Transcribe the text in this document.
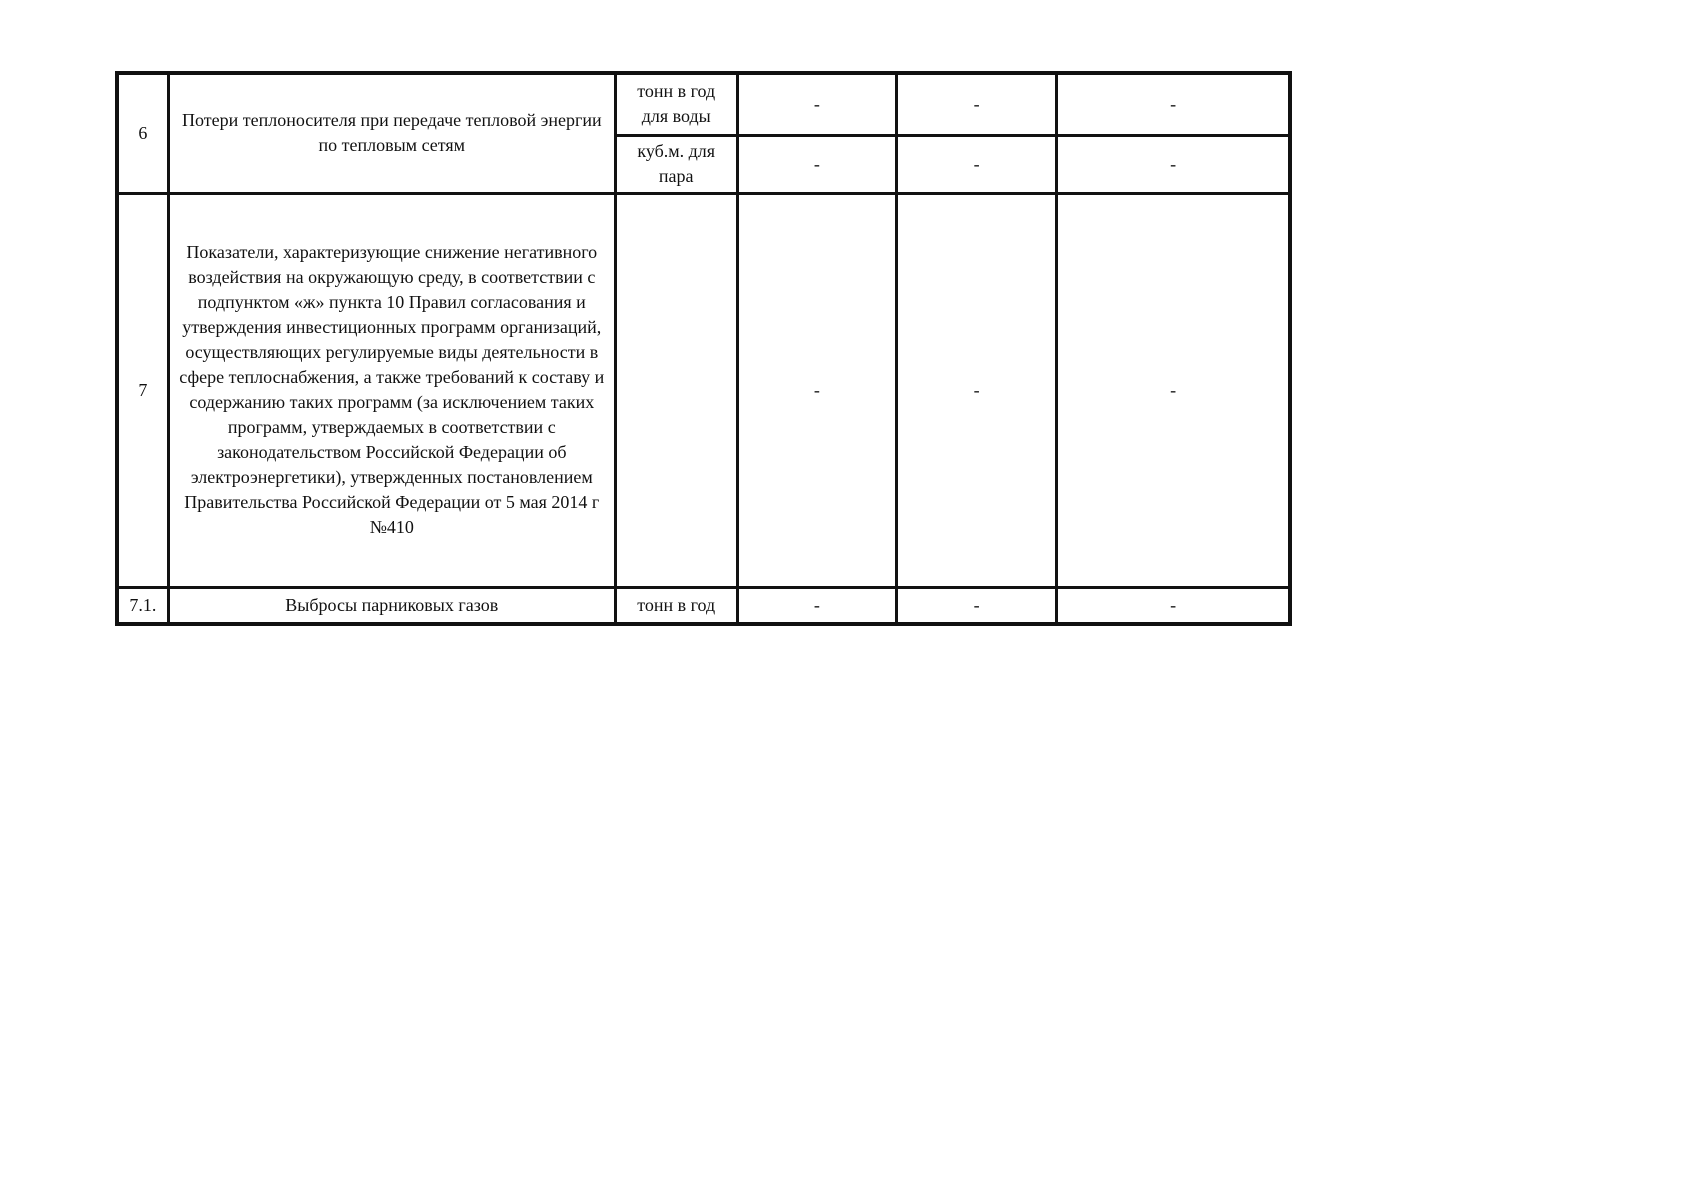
6	Потери теплоносителя при передаче тепловой энергии по тепловым сетям	тонн в год для воды	-	-	-
		куб.м. для пара	-	-	-
7	Показатели, характеризующие снижение негативного воздействия на окружающую среду, в соответствии с подпунктом «ж» пункта 10 Правил согласования и утверждения инвестиционных программ организаций, осуществляющих регулируемые виды деятельности в сфере теплоснабжения, а также требований к составу и содержанию таких программ (за исключением таких программ, утверждаемых в соответствии с законодательством Российской Федерации об электроэнергетики), утвержденных постановлением Правительства Российской Федерации от 5 мая 2014 г №410		-	-	-
7.1.	Выбросы парниковых газов	тонн в год	-	-	-
